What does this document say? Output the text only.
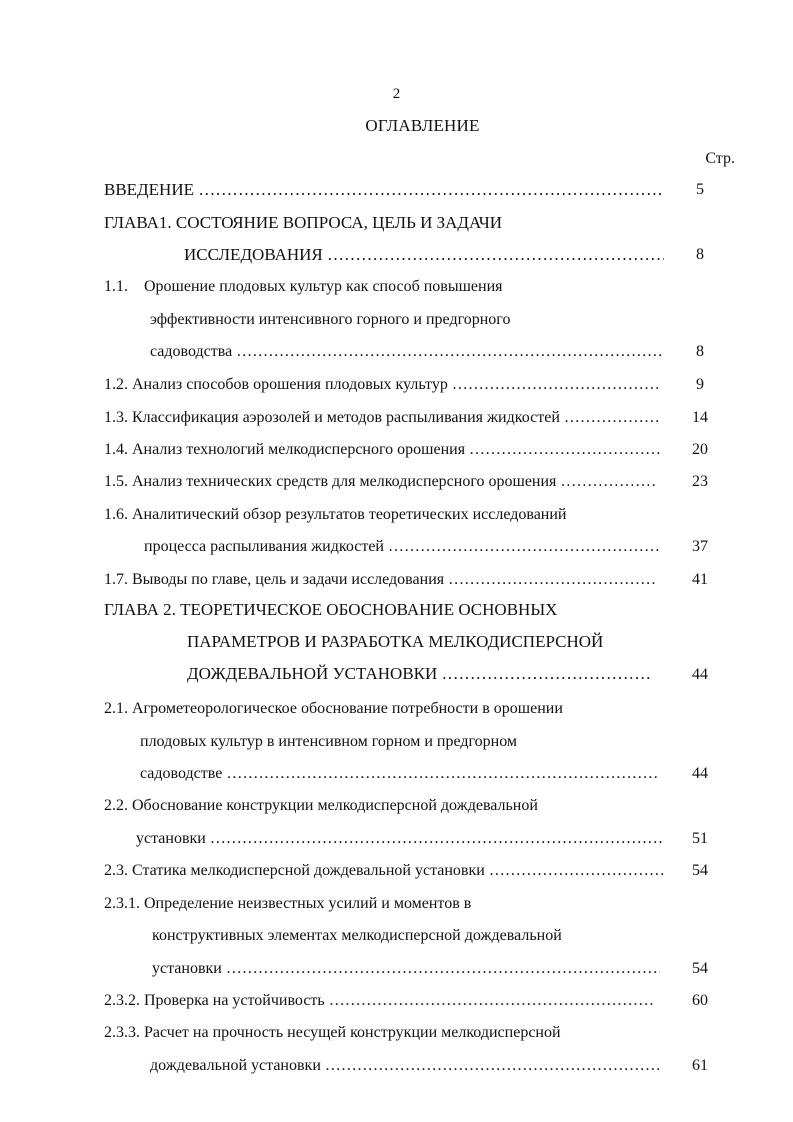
2
ОГЛАВЛЕНИЕ
Стр.
ВВЕДЕНИЕ …………………………………………………………………………………………………………………………………………………………………	5
ГЛАВА1. СОСТОЯНИЕ ВОПРОСА, ЦЕЛЬ И ЗАДАЧИ
ИССЛЕДОВАНИЯ …………………………………………………………………………………………………………………………………………………………………	8
1.1.    Орошение плодовых культур как способ повышения
эффективности интенсивного горного и предгорного
садоводства …………………………………………………………………………………………………………………………………………………………………	8
1.2. Анализ способов орошения плодовых культур …………………………………………………………………………………………………………………………………………………………………	9
1.3. Классификация аэрозолей и методов распыливания жидкостей …………………………………………………………………………………………………………………………………………………………………	14
1.4. Анализ технологий мелкодисперсного орошения …………………………………………………………………………………………………………………………………………………………………	20
1.5. Анализ технических средств для мелкодисперсного орошения …………………………………………………………………………………………………………………………………………………………………	23
1.6. Аналитический обзор результатов теоретических исследований
процесса распыливания жидкостей …………………………………………………………………………………………………………………………………………………………………	37
1.7. Выводы по главе, цель и задачи исследования …………………………………………………………………………………………………………………………………………………………………	41
ГЛАВА 2. ТЕОРЕТИЧЕСКОЕ ОБОСНОВАНИЕ ОСНОВНЫХ
ПАРАМЕТРОВ И РАЗРАБОТКА МЕЛКОДИСПЕРСНОЙ
ДОЖДЕВАЛЬНОЙ УСТАНОВКИ …………………………………………………………………………………………………………………………………………………………………	44
2.1. Агрометеорологическое обоснование потребности в орошении
плодовых культур в интенсивном горном и предгорном
садоводстве …………………………………………………………………………………………………………………………………………………………………	44
2.2. Обоснование конструкции мелкодисперсной дождевальной
установки …………………………………………………………………………………………………………………………………………………………………	51
2.3. Статика мелкодисперсной дождевальной установки …………………………………………………………………………………………………………………………………………………………………	54
2.3.1. Определение неизвестных усилий и моментов в
конструктивных элементах мелкодисперсной дождевальной
установки …………………………………………………………………………………………………………………………………………………………………	54
2.3.2. Проверка на устойчивость …………………………………………………………………………………………………………………………………………………………………	60
2.3.3. Расчет на прочность несущей конструкции мелкодисперсной
дождевальной установки …………………………………………………………………………………………………………………………………………………………………	61
